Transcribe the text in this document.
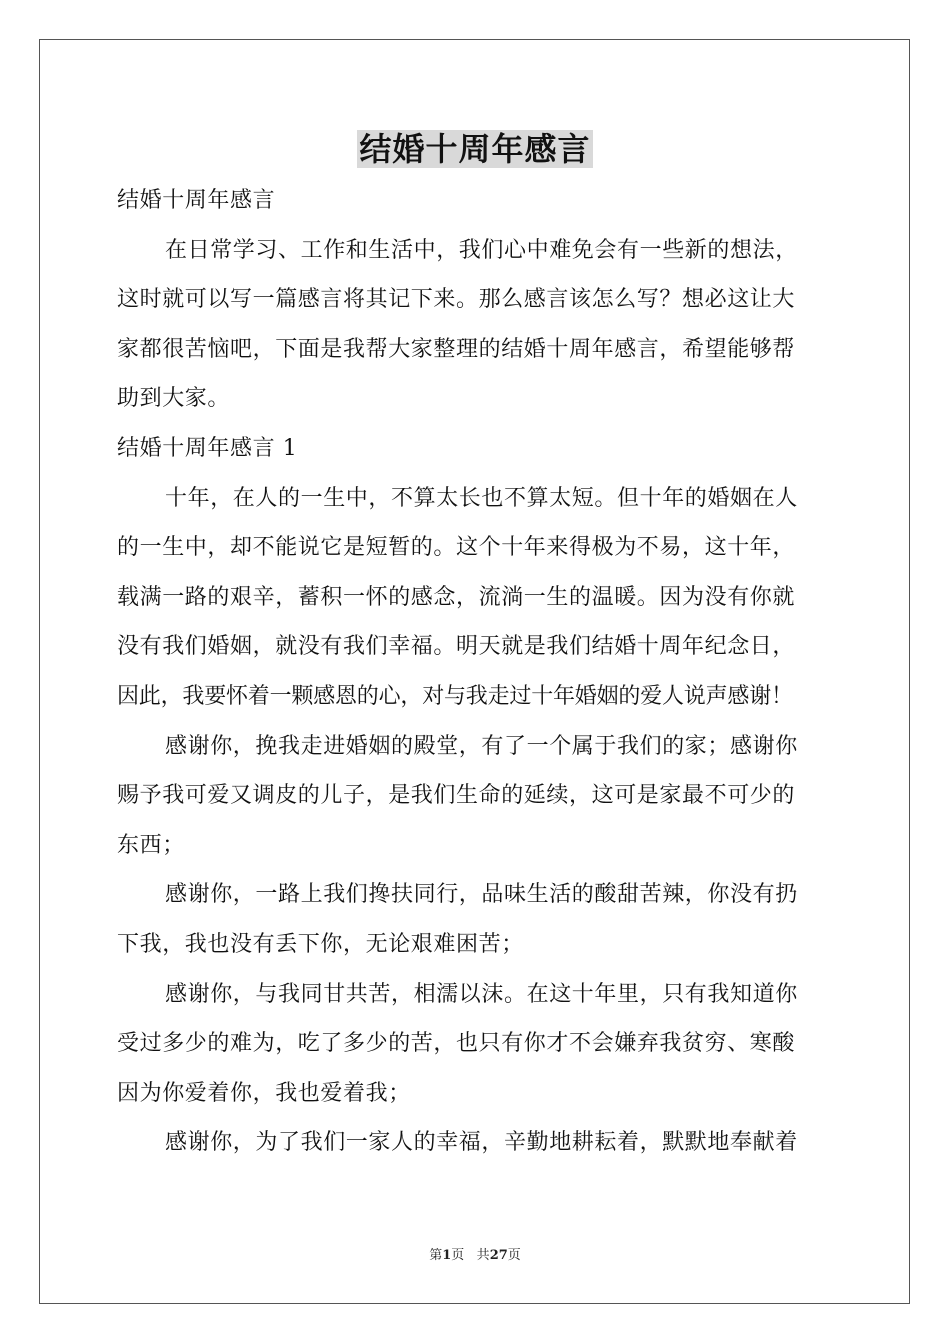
结婚十周年感言
结婚十周年感言
在日常学习、工作和生活中，我们心中难免会有一些新的想法，
这时就可以写一篇感言将其记下来。那么感言该怎么写？想必这让大
家都很苦恼吧，下面是我帮大家整理的结婚十周年感言，希望能够帮
助到大家。
结婚十周年感言 1
十年，在人的一生中，不算太长也不算太短。但十年的婚姻在人
的一生中，却不能说它是短暂的。这个十年来得极为不易，这十年，
载满一路的艰辛，蓄积一怀的感念，流淌一生的温暖。因为没有你就
没有我们婚姻，就没有我们幸福。明天就是我们结婚十周年纪念日，
因此，我要怀着一颗感恩的心，对与我走过十年婚姻的爱人说声感谢！
感谢你，挽我走进婚姻的殿堂，有了一个属于我们的家；感谢你
赐予我可爱又调皮的儿子，是我们生命的延续，这可是家最不可少的
东西；
感谢你，一路上我们搀扶同行，品味生活的酸甜苦辣，你没有扔
下我，我也没有丢下你，无论艰难困苦；
感谢你，与我同甘共苦，相濡以沫。在这十年里，只有我知道你
受过多少的难为，吃了多少的苦，也只有你才不会嫌弃我贫穷、寒酸
因为你爱着你，我也爱着我；
感谢你，为了我们一家人的幸福，辛勤地耕耘着，默默地奉献着
第1页 共27页
